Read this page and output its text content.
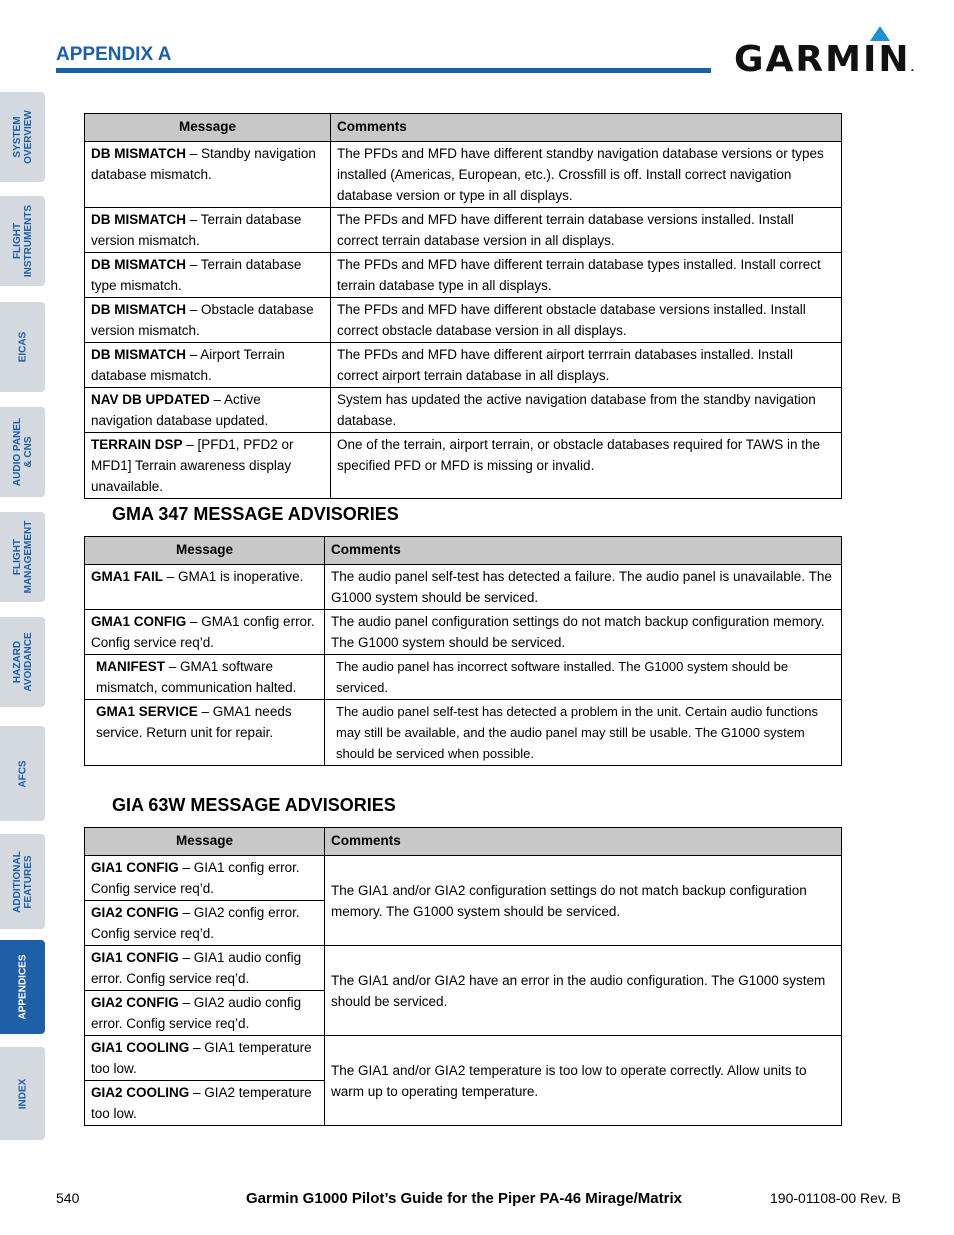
APPENDIX A	GARMIN.
SYSTEM
OVERVIEW
FLIGHT
INSTRUMENTS
EICAS
AUDIO PANEL
& CNS
FLIGHT
MANAGEMENT
HAZARD
AVOIDANCE
AFCS
ADDITIONAL
FEATURES
APPENDICES
INDEX
Message	Comments
DB MISMATCH – Standby navigation database mismatch.	The PFDs and MFD have different standby navigation database versions or types installed (Americas, European, etc.). Crossfill is off. Install correct navigation database version or type in all displays.
DB MISMATCH – Terrain database version mismatch.	The PFDs and MFD have different terrain database versions installed. Install correct terrain database version in all displays.
DB MISMATCH – Terrain database type mismatch.	The PFDs and MFD have different terrain database types installed. Install correct terrain database type in all displays.
DB MISMATCH – Obstacle database version mismatch.	The PFDs and MFD have different obstacle database versions installed. Install correct obstacle database version in all displays.
DB MISMATCH – Airport Terrain database mismatch.	The PFDs and MFD have different airport terrrain databases installed. Install correct airport terrain database in all displays.
NAV DB UPDATED – Active navigation database updated.	System has updated the active navigation database from the standby navigation database.
TERRAIN DSP – [PFD1, PFD2 or MFD1] Terrain awareness display unavailable.	One of the terrain, airport terrain, or obstacle databases required for TAWS in the specified PFD or MFD is missing or invalid.
GMA 347 MESSAGE ADVISORIES
Message	Comments
GMA1 FAIL – GMA1 is inoperative.	The audio panel self-test has detected a failure. The audio panel is unavailable. The G1000 system should be serviced.
GMA1 CONFIG – GMA1 config error. Config service req’d.	The audio panel configuration settings do not match backup configuration memory. The G1000 system should be serviced.
MANIFEST – GMA1 software mismatch, communication halted.	The audio panel has incorrect software installed. The G1000 system should be serviced.
GMA1 SERVICE – GMA1 needs service. Return unit for repair.	The audio panel self-test has detected a problem in the unit. Certain audio functions may still be available, and the audio panel may still be usable. The G1000 system should be serviced when possible.
GIA 63W MESSAGE ADVISORIES
Message	Comments
GIA1 CONFIG – GIA1 config error. Config service req’d.	The GIA1 and/or GIA2 configuration settings do not match backup configuration memory. The G1000 system should be serviced.
GIA2 CONFIG – GIA2 config error. Config service req’d.	
GIA1 CONFIG – GIA1 audio config error. Config service req’d.	The GIA1 and/or GIA2 have an error in the audio configuration. The G1000 system should be serviced.
GIA2 CONFIG – GIA2 audio config error. Config service req’d.	
GIA1 COOLING – GIA1 temperature too low.	The GIA1 and/or GIA2 temperature is too low to operate correctly. Allow units to warm up to operating temperature.
GIA2 COOLING – GIA2 temperature too low.	
540	Garmin G1000 Pilot’s Guide for the Piper PA-46 Mirage/Matrix	190-01108-00 Rev. B
